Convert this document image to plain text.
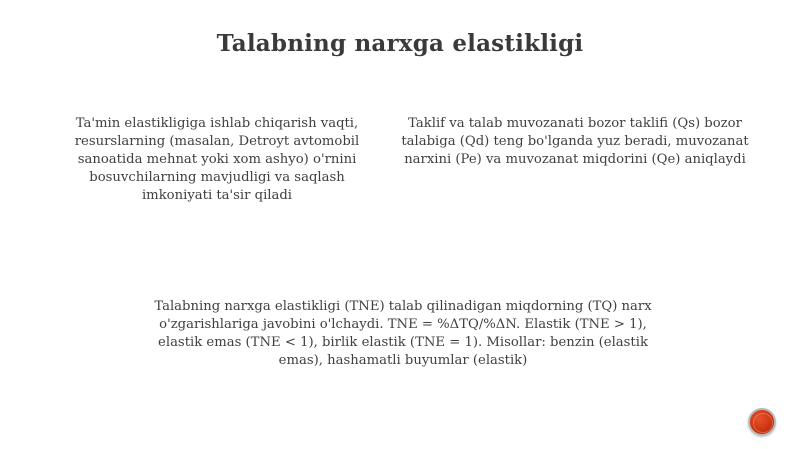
Talabning narxga elastikligi
Ta'min elastikligiga ishlab chiqarish vaqti, resurslarning (masalan, Detroyt avtomobil sanoatida mehnat yoki xom ashyo) o'rnini bosuvchilarning mavjudligi va saqlash imkoniyati ta'sir qiladi
Taklif va talab muvozanati bozor taklifi (Qs) bozor talabiga (Qd) teng bo'lganda yuz beradi, muvozanat narxini (Pe) va muvozanat miqdorini (Qe) aniqlaydi
Talabning narxga elastikligi (TNE) talab qilinadigan miqdorning (TQ) narx o'zgarishlariga javobini o'lchaydi. TNE = %ΔTQ/%ΔN. Elastik (TNE > 1), elastik emas (TNE < 1), birlik elastik (TNE = 1). Misollar: benzin (elastik emas), hashamatli buyumlar (elastik)
